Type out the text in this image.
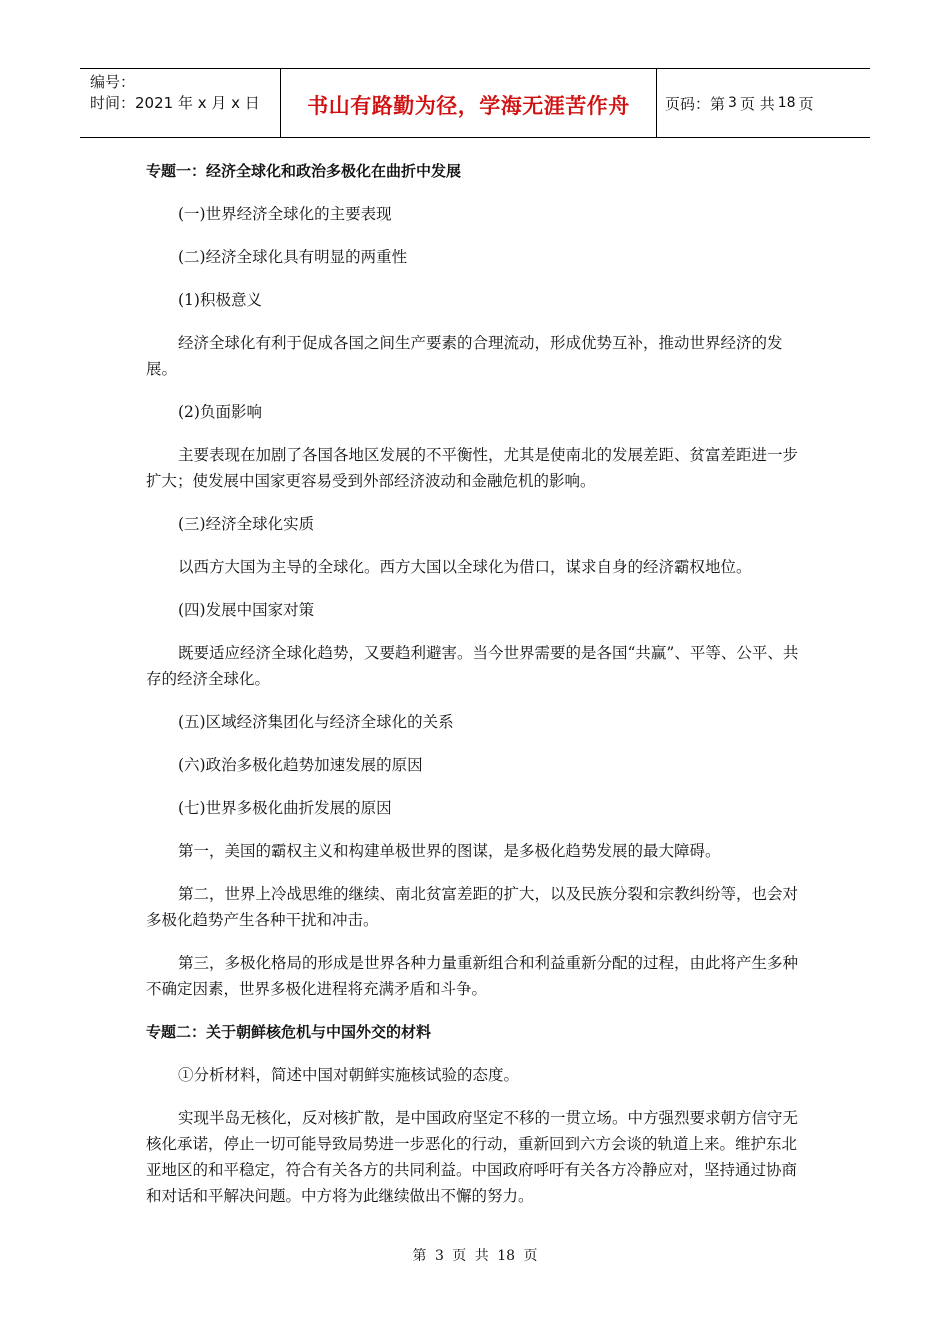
编号：
时间：2021 年 x 月 x 日	书山有路勤为径，学海无涯苦作舟	页码：第 3 页 共 18 页

专题一：经济全球化和政治多极化在曲折中发展

(一)世界经济全球化的主要表现

(二)经济全球化具有明显的两重性

(1)积极意义

经济全球化有利于促成各国之间生产要素的合理流动，形成优势互补，推动世界经济的发展。

(2)负面影响

主要表现在加剧了各国各地区发展的不平衡性，尤其是使南北的发展差距、贫富差距进一步扩大；使发展中国家更容易受到外部经济波动和金融危机的影响。

(三)经济全球化实质

以西方大国为主导的全球化。西方大国以全球化为借口，谋求自身的经济霸权地位。

(四)发展中国家对策

既要适应经济全球化趋势，又要趋利避害。当今世界需要的是各国“共赢”、平等、公平、共存的经济全球化。

(五)区域经济集团化与经济全球化的关系

(六)政治多极化趋势加速发展的原因

(七)世界多极化曲折发展的原因

第一，美国的霸权主义和构建单极世界的图谋，是多极化趋势发展的最大障碍。

第二，世界上冷战思维的继续、南北贫富差距的扩大，以及民族分裂和宗教纠纷等，也会对多极化趋势产生各种干扰和冲击。

第三，多极化格局的形成是世界各种力量重新组合和利益重新分配的过程，由此将产生多种不确定因素，世界多极化进程将充满矛盾和斗争。

专题二：关于朝鲜核危机与中国外交的材料

①分析材料，简述中国对朝鲜实施核试验的态度。

实现半岛无核化，反对核扩散，是中国政府坚定不移的一贯立场。中方强烈要求朝方信守无核化承诺，停止一切可能导致局势进一步恶化的行动，重新回到六方会谈的轨道上来。维护东北亚地区的和平稳定，符合有关各方的共同利益。中国政府呼吁有关各方冷静应对，坚持通过协商和对话和平解决问题。中方将为此继续做出不懈的努力。

第 3 页 共 18 页
